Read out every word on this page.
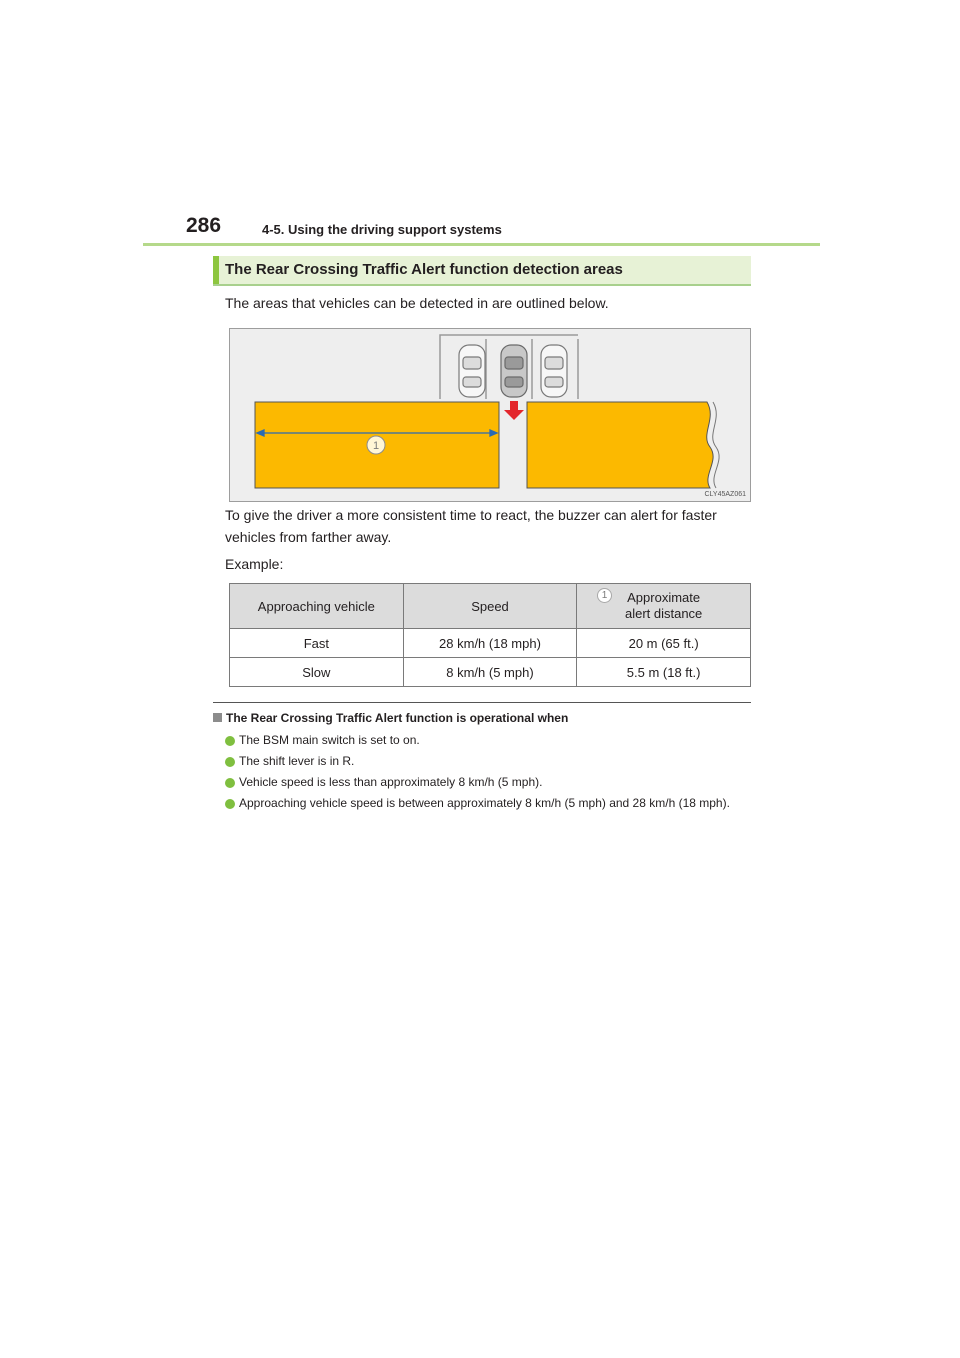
286	4-5. Using the driving support systems
The Rear Crossing Traffic Alert function detection areas
The areas that vehicles can be detected in are outlined below.
1
CLY45AZ061
To give the driver a more consistent time to react, the buzzer can alert for faster vehicles from farther away.
Example:
Approaching vehicle	Speed	1 Approximate
alert distance
Fast	28 km/h (18 mph)	20 m (65 ft.)
Slow	8 km/h (5 mph)	5.5 m (18 ft.)
The Rear Crossing Traffic Alert function is operational when
The BSM main switch is set to on.
The shift lever is in R.
Vehicle speed is less than approximately 8 km/h (5 mph).
Approaching vehicle speed is between approximately 8 km/h (5 mph) and 28 km/h (18 mph).
